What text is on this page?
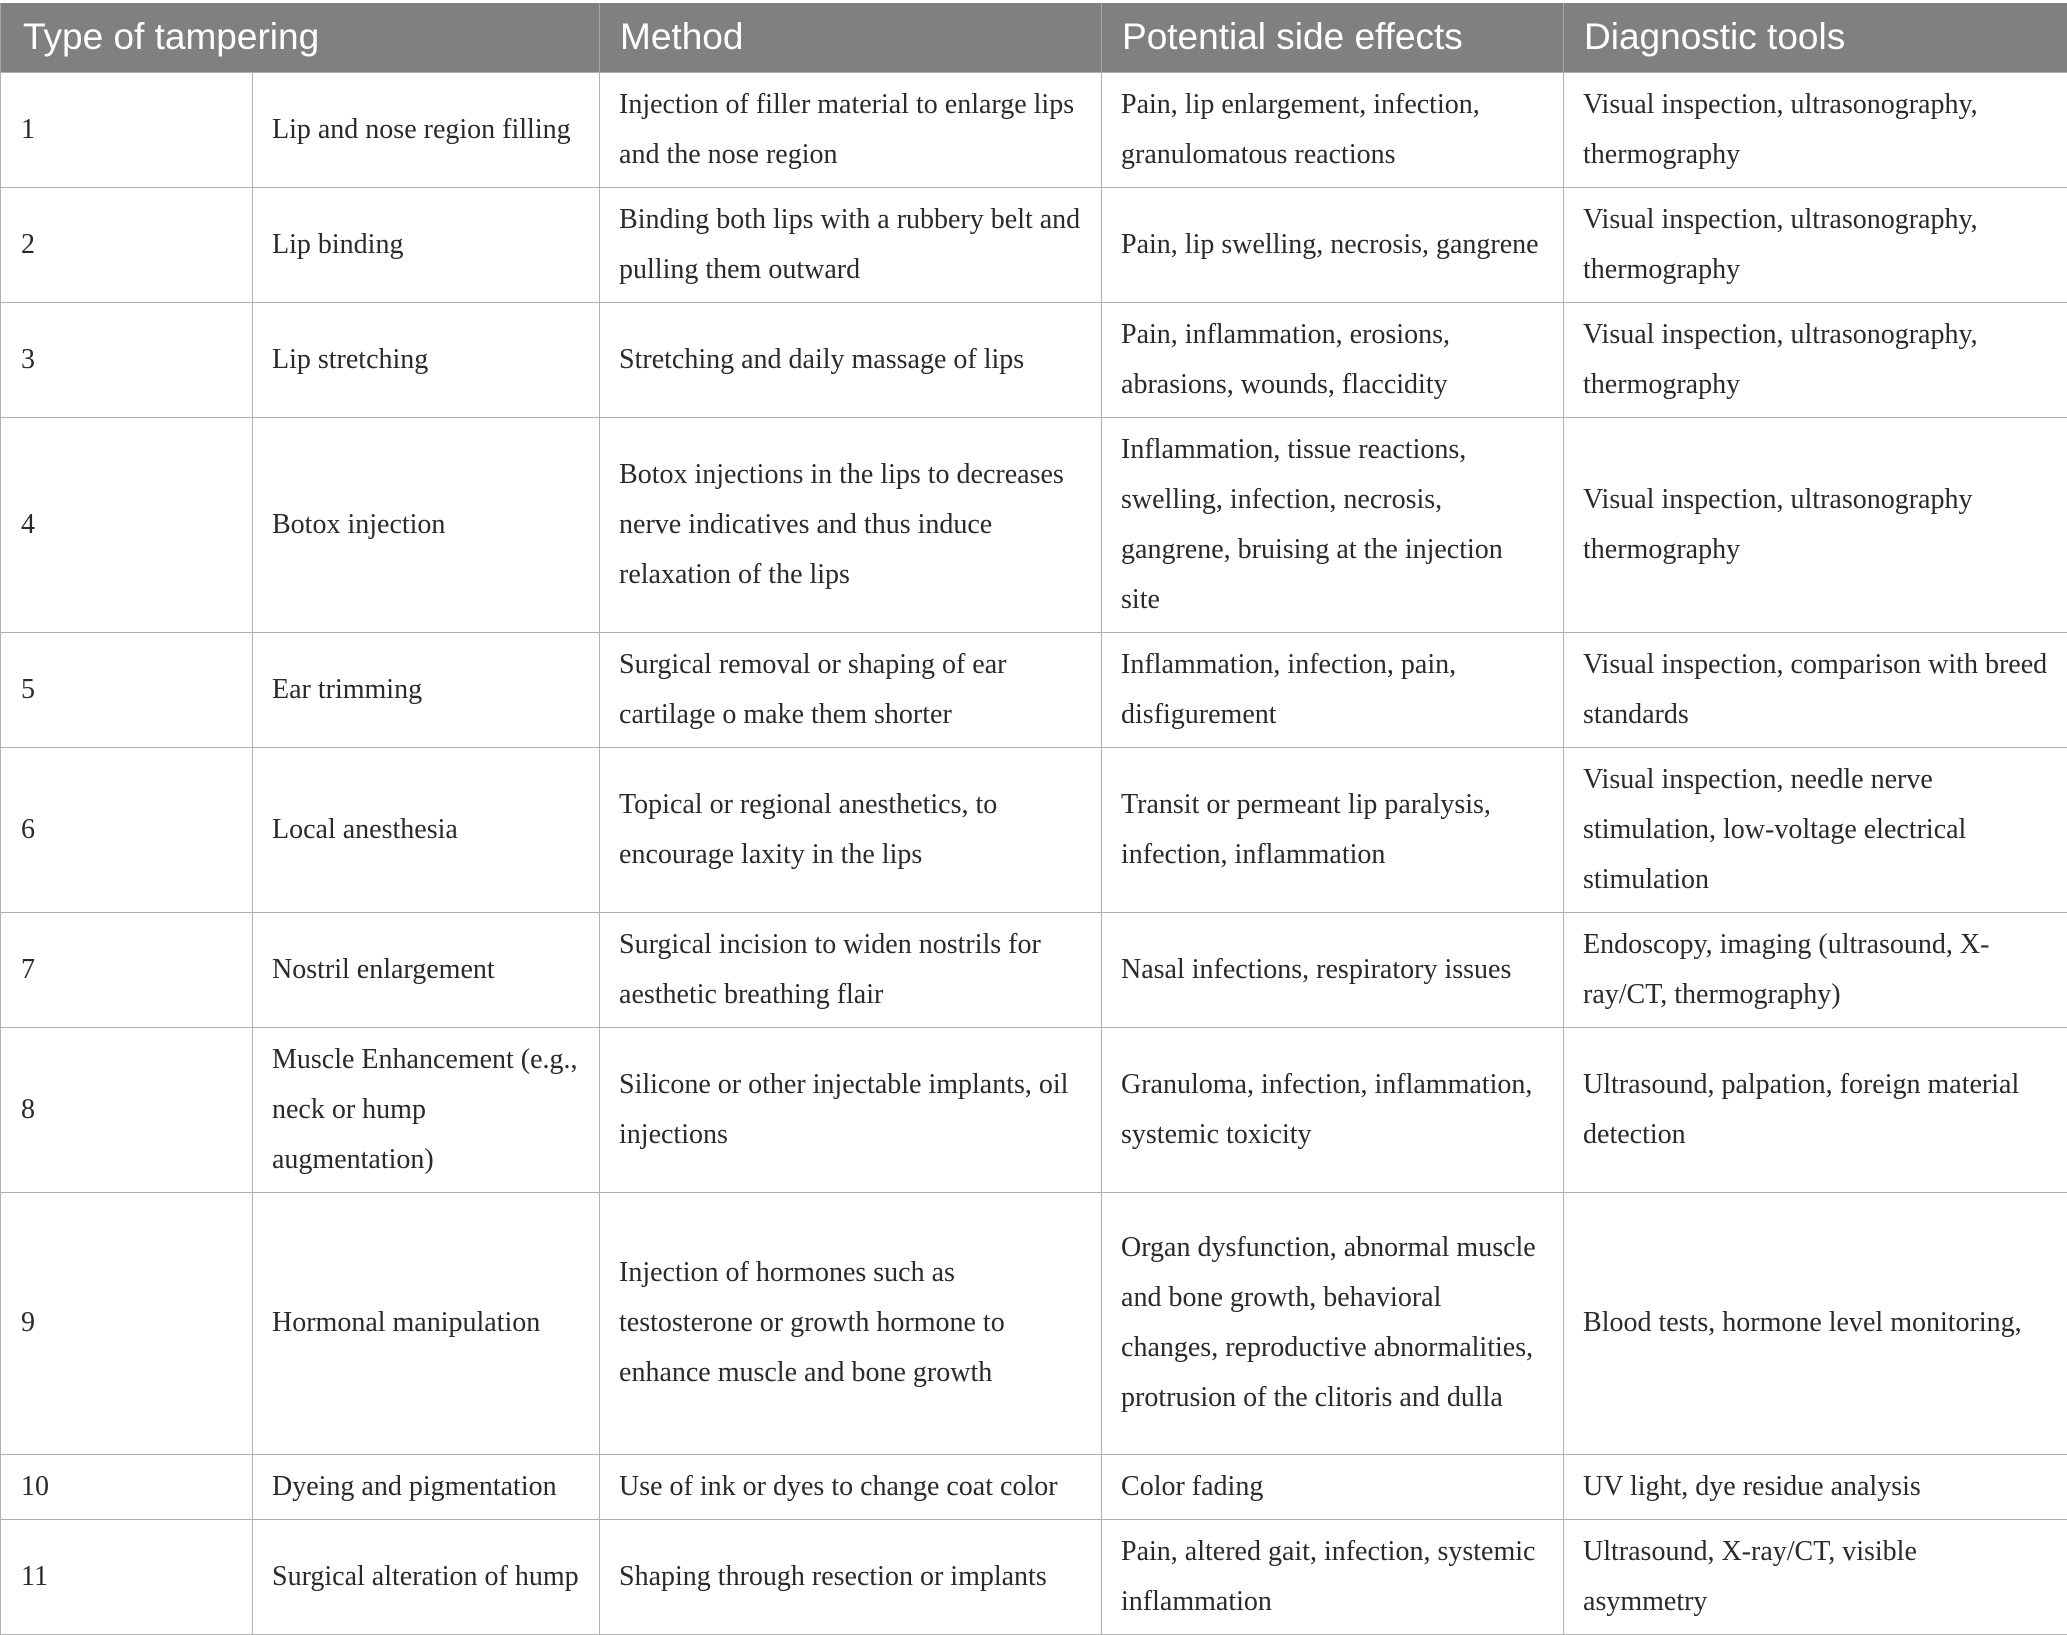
Type of tampering		Method	Potential side effects	Diagnostic tools
1	Lip and nose region filling	Injection of filler material to enlarge lips and the nose region	Pain, lip enlargement, infection, granulomatous reactions	Visual inspection, ultrasonography, thermography
2	Lip binding	Binding both lips with a rubbery belt and pulling them outward	Pain, lip swelling, necrosis, gangrene	Visual inspection, ultrasonography, thermography
3	Lip stretching	Stretching and daily massage of lips	Pain, inflammation, erosions, abrasions, wounds, flaccidity	Visual inspection, ultrasonography, thermography
4	Botox injection	Botox injections in the lips to decreases nerve indicatives and thus induce relaxation of the lips	Inflammation, tissue reactions, swelling, infection, necrosis, gangrene, bruising at the injection site	Visual inspection, ultrasonography thermography
5	Ear trimming	Surgical removal or shaping of ear cartilage o make them shorter	Inflammation, infection, pain, disfigurement	Visual inspection, comparison with breed standards
6	Local anesthesia	Topical or regional anesthetics, to encourage laxity in the lips	Transit or permeant lip paralysis, infection, inflammation	Visual inspection, needle nerve stimulation, low-voltage electrical stimulation
7	Nostril enlargement	Surgical incision to widen nostrils for aesthetic breathing flair	Nasal infections, respiratory issues	Endoscopy, imaging (ultrasound, X-ray/CT, thermography)
8	Muscle Enhancement (e.g., neck or hump augmentation)	Silicone or other injectable implants, oil injections	Granuloma, infection, inflammation, systemic toxicity	Ultrasound, palpation, foreign material detection
9	Hormonal manipulation	Injection of hormones such as testosterone or growth hormone to enhance muscle and bone growth	Organ dysfunction, abnormal muscle and bone growth, behavioral changes, reproductive abnormalities, protrusion of the clitoris and dulla	Blood tests, hormone level monitoring,
10	Dyeing and pigmentation	Use of ink or dyes to change coat color	Color fading	UV light, dye residue analysis
11	Surgical alteration of hump	Shaping through resection or implants	Pain, altered gait, infection, systemic inflammation	Ultrasound, X-ray/CT, visible asymmetry
